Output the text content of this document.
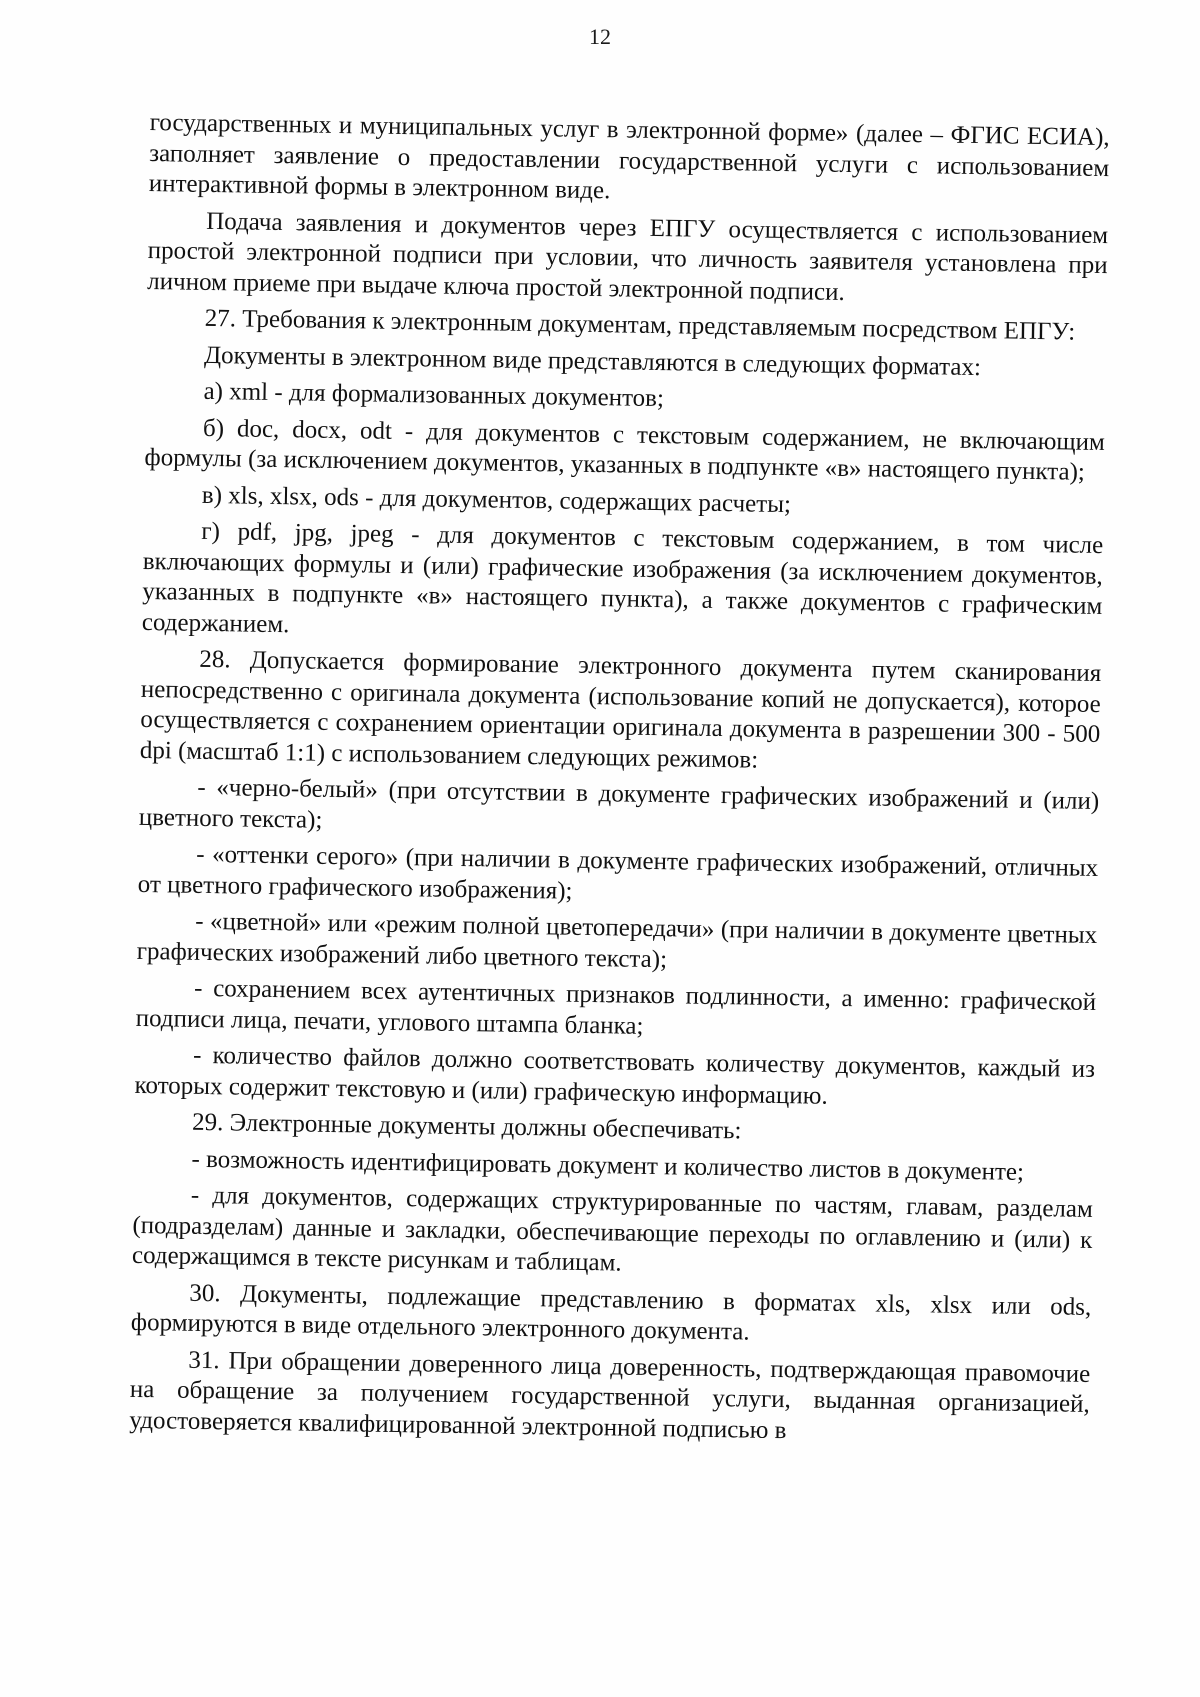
12

государственных и муниципальных услуг в электронной форме» (далее – ФГИС ЕСИА), заполняет заявление о предоставлении государственной услуги с использованием интерактивной формы в электронном виде.

Подача заявления и документов через ЕПГУ осуществляется с использованием простой электронной подписи при условии, что личность заявителя установлена при личном приеме при выдаче ключа простой электронной подписи.

27. Требования к электронным документам, представляемым посредством ЕПГУ:

Документы в электронном виде представляются в следующих форматах:

а) xml - для формализованных документов;

б) doc, docx, odt - для документов с текстовым содержанием, не включающим формулы (за исключением документов, указанных в подпункте «в» настоящего пункта);

в) xls, xlsx, ods - для документов, содержащих расчеты;

г) pdf, jpg, jpeg - для документов с текстовым содержанием, в том числе включающих формулы и (или) графические изображения (за исключением документов, указанных в подпункте «в» настоящего пункта), а также документов с графическим содержанием.

28. Допускается формирование электронного документа путем сканирования непосредственно с оригинала документа (использование копий не допускается), которое осуществляется с сохранением ориентации оригинала документа в разрешении 300 - 500 dpi (масштаб 1:1) с использованием следующих режимов:

- «черно-белый» (при отсутствии в документе графических изображений и (или) цветного текста);

- «оттенки серого» (при наличии в документе графических изображений, отличных от цветного графического изображения);

- «цветной» или «режим полной цветопередачи» (при наличии в документе цветных графических изображений либо цветного текста);

- сохранением всех аутентичных признаков подлинности, а именно: графической подписи лица, печати, углового штампа бланка;

- количество файлов должно соответствовать количеству документов, каждый из которых содержит текстовую и (или) графическую информацию.

29. Электронные документы должны обеспечивать:

- возможность идентифицировать документ и количество листов в документе;

- для документов, содержащих структурированные по частям, главам, разделам (подразделам) данные и закладки, обеспечивающие переходы по оглавлению и (или) к содержащимся в тексте рисункам и таблицам.

30. Документы, подлежащие представлению в форматах xls, xlsx или ods, формируются в виде отдельного электронного документа.

31. При обращении доверенного лица доверенность, подтверждающая правомочие на обращение за получением государственной услуги, выданная организацией, удостоверяется квалифицированной электронной подписью в
